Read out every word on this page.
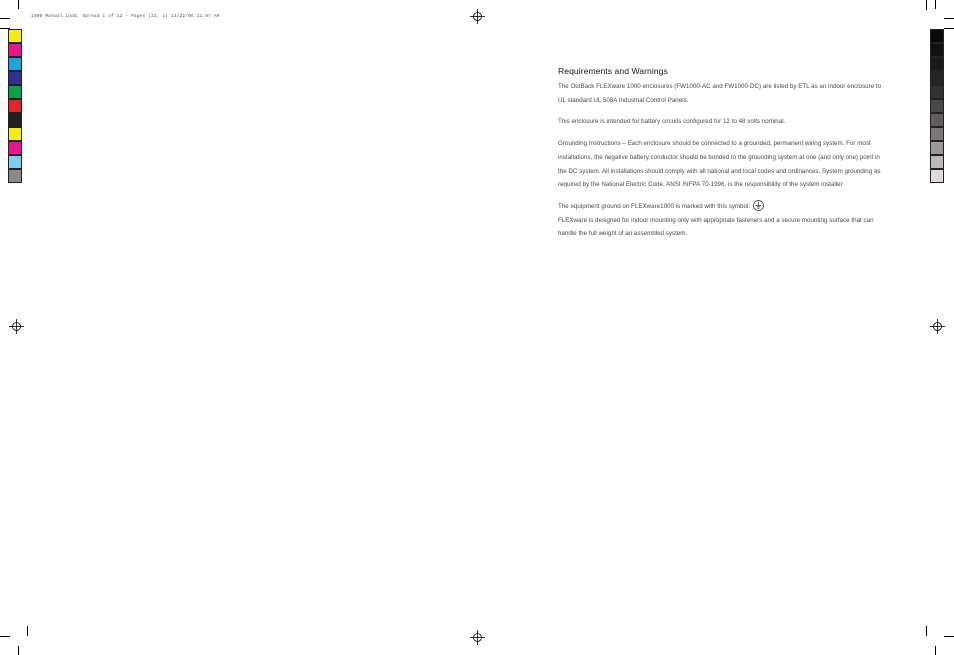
1000 Manual.indd, Spread 1 of 12 - Pages (22, 1) 11/22/06 11:07 AM
Requirements and Warnings

The OutBack FLEXware 1000 enclosures (FW1000-AC and FW1000-DC) are listed by ETL as an indoor enclosure to UL standard UL 508A Industrial Control Panels.

This enclosure is intended for battery circuits configured for 12 to 48 volts nominal.

Grounding Instructions – Each enclosure should be connected to a grounded, permanent wiring system. For most installations, the negative battery conductor should be bonded to the grounding system at one (and only one) point in the DC system. All installations should comply with all national and local codes and ordinances. System grounding as required by the National Electric Code, ANSI /NFPA 70-1996, is the responsibility of the system installer.

The equipment ground on FLEXware1000 is marked with this symbol:

FLEXware is designed for indoor mounting only with appropriate fasteners and a secure mounting surface that can handle the full weight of an assembled system.
